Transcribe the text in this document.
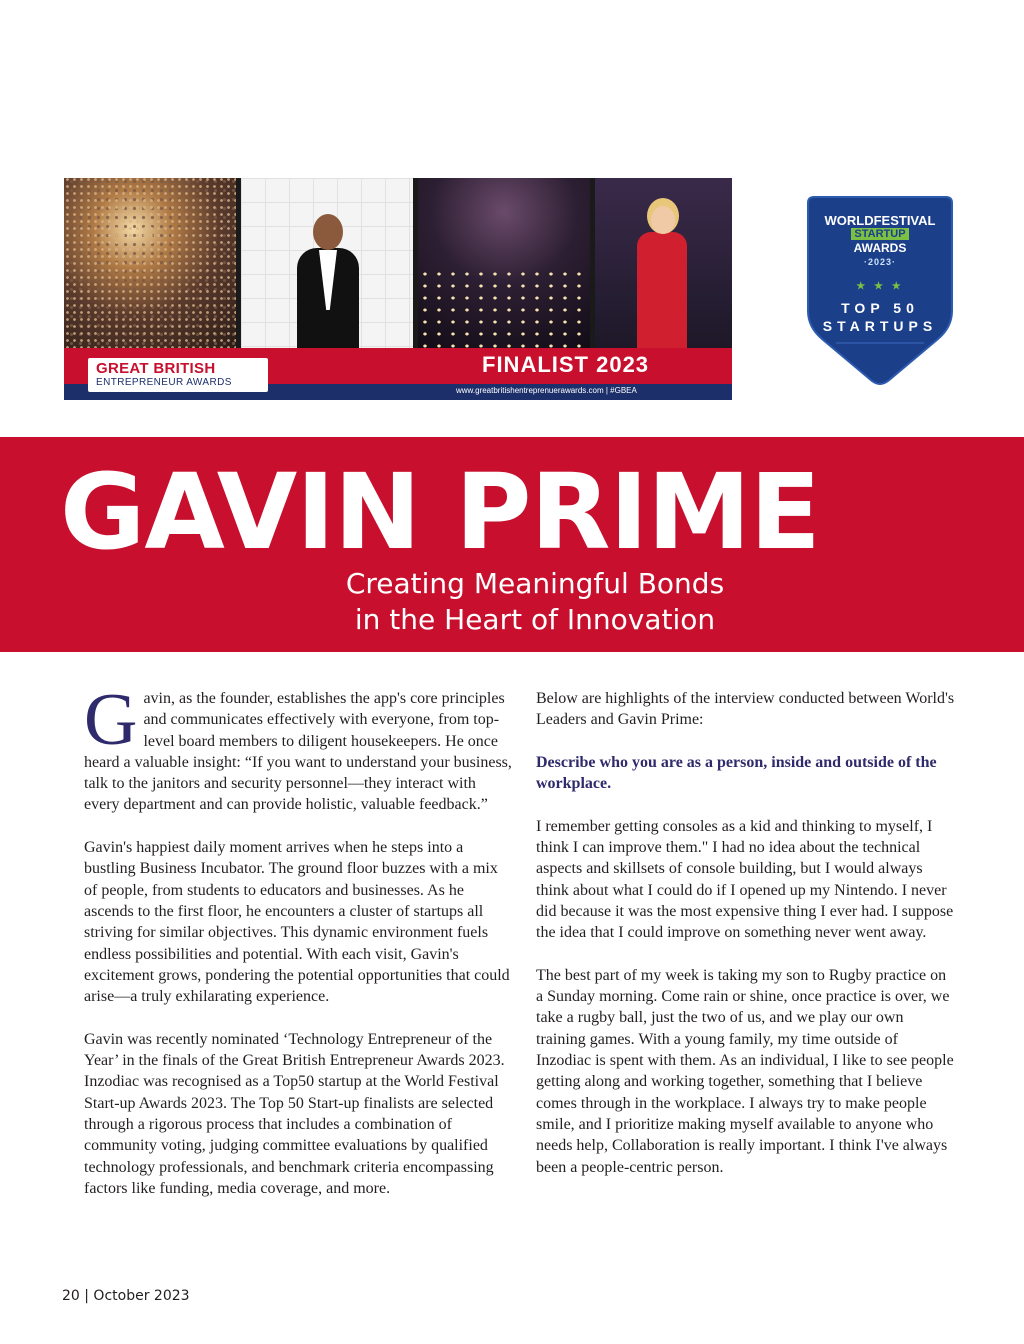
GREAT BRITISH
ENTREPRENEUR AWARDS
FINALIST 2023
www.greatbritishentreprenuerawards.com | #GBEA
WORLDFESTIVAL
STARTUP
AWARDS
·2023·
★ ★ ★
TOP 50
STARTUPS
GAVIN PRIME
Creating Meaningful Bonds
in the Heart of Innovation

Gavin, as the founder, establishes the app's core principles and communicates effectively with everyone, from top-level board members to diligent housekeepers. He once heard a valuable insight: “If you want to understand your business, talk to the janitors and security personnel—they interact with every department and can provide holistic, valuable feedback.”

Gavin's happiest daily moment arrives when he steps into a bustling Business Incubator. The ground floor buzzes with a mix of people, from students to educators and businesses. As he ascends to the first floor, he encounters a cluster of startups all striving for similar objectives. This dynamic environment fuels endless possibilities and potential. With each visit, Gavin's excitement grows, pondering the potential opportunities that could arise—a truly exhilarating experience.

Gavin was recently nominated ‘Technology Entrepreneur of the Year’ in the finals of the Great British Entrepreneur Awards 2023. Inzodiac was recognised as a Top50 startup at the World Festival Start-up Awards 2023. The Top 50 Start-up finalists are selected through a rigorous process that includes a combination of community voting, judging committee evaluations by qualified technology professionals, and benchmark criteria encompassing factors like funding, media coverage, and more.

Below are highlights of the interview conducted between World's Leaders and Gavin Prime:

Describe who you are as a person, inside and outside of the workplace.

I remember getting consoles as a kid and thinking to myself, I think I can improve them." I had no idea about the technical aspects and skillsets of console building, but I would always think about what I could do if I opened up my Nintendo. I never did because it was the most expensive thing I ever had. I suppose the idea that I could improve on something never went away.

The best part of my week is taking my son to Rugby practice on a Sunday morning. Come rain or shine, once practice is over, we take a rugby ball, just the two of us, and we play our own training games. With a young family, my time outside of Inzodiac is spent with them. As an individual, I like to see people getting along and working together, something that I believe comes through in the workplace. I always try to make people smile, and I prioritize making myself available to anyone who needs help, Collaboration is really important. I think I've always been a people-centric person.

20 | October 2023
